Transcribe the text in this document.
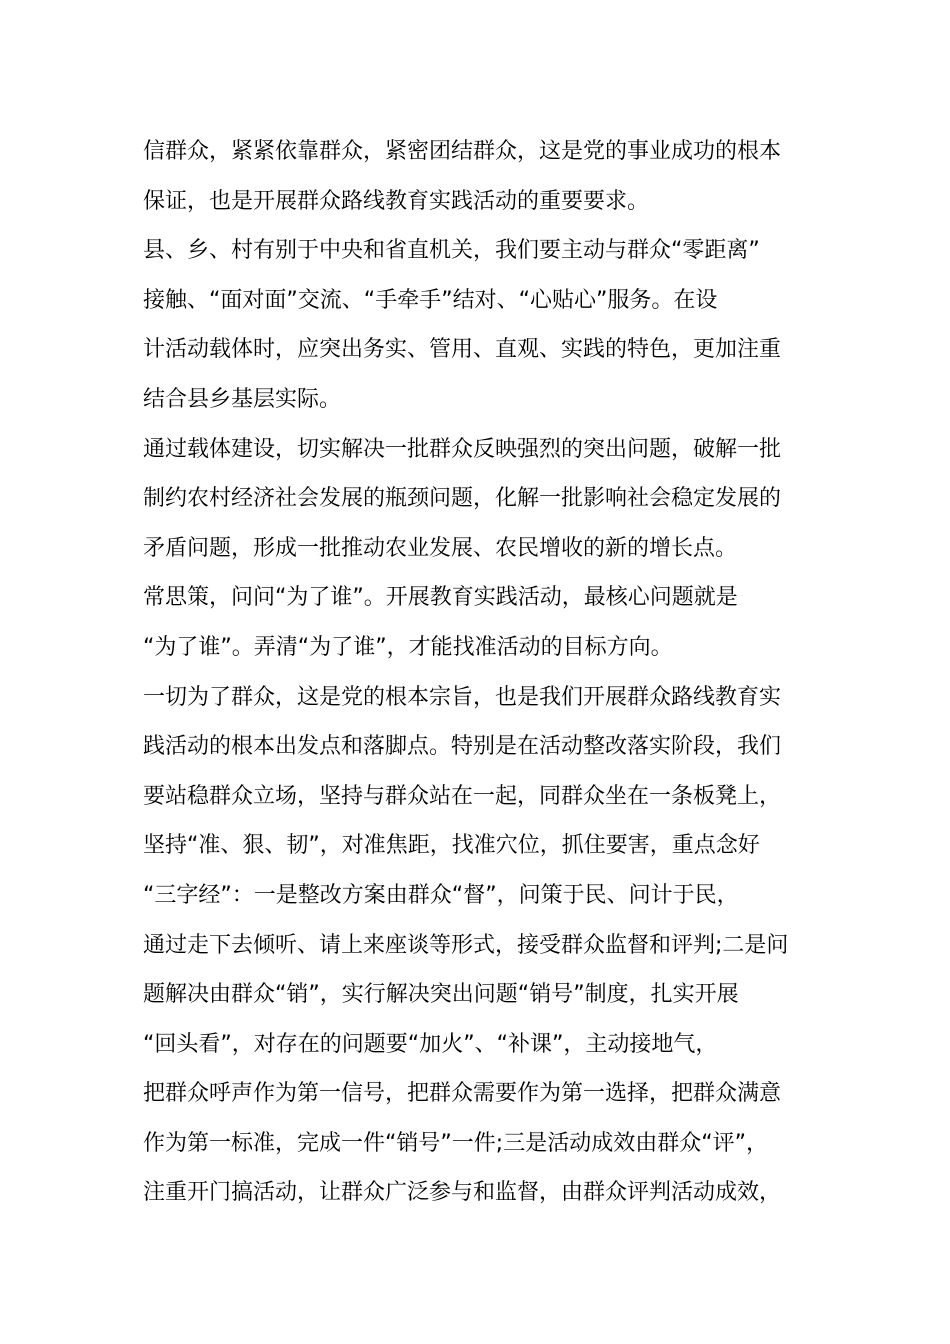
信群众，紧紧依靠群众，紧密团结群众，这是党的事业成功的根本
保证，也是开展群众路线教育实践活动的重要要求。
县、乡、村有别于中央和省直机关，我们要主动与群众“零距离”
接触、“面对面”交流、“手牵手”结对、“心贴心”服务。在设
计活动载体时，应突出务实、管用、直观、实践的特色，更加注重
结合县乡基层实际。
通过载体建设，切实解决一批群众反映强烈的突出问题，破解一批
制约农村经济社会发展的瓶颈问题，化解一批影响社会稳定发展的
矛盾问题，形成一批推动农业发展、农民增收的新的增长点。
常思策，问问“为了谁”。开展教育实践活动，最核心问题就是
“为了谁”。弄清“为了谁”，才能找准活动的目标方向。
一切为了群众，这是党的根本宗旨，也是我们开展群众路线教育实
践活动的根本出发点和落脚点。特别是在活动整改落实阶段，我们
要站稳群众立场，坚持与群众站在一起，同群众坐在一条板凳上，
坚持“准、狠、韧”，对准焦距，找准穴位，抓住要害，重点念好
“三字经”：一是整改方案由群众“督”，问策于民、问计于民，
通过走下去倾听、请上来座谈等形式，接受群众监督和评判;二是问
题解决由群众“销”，实行解决突出问题“销号”制度，扎实开展
“回头看”，对存在的问题要“加火”、“补课”，主动接地气，
把群众呼声作为第一信号，把群众需要作为第一选择，把群众满意
作为第一标准，完成一件“销号”一件;三是活动成效由群众“评”，
注重开门搞活动，让群众广泛参与和监督，由群众评判活动成效，
